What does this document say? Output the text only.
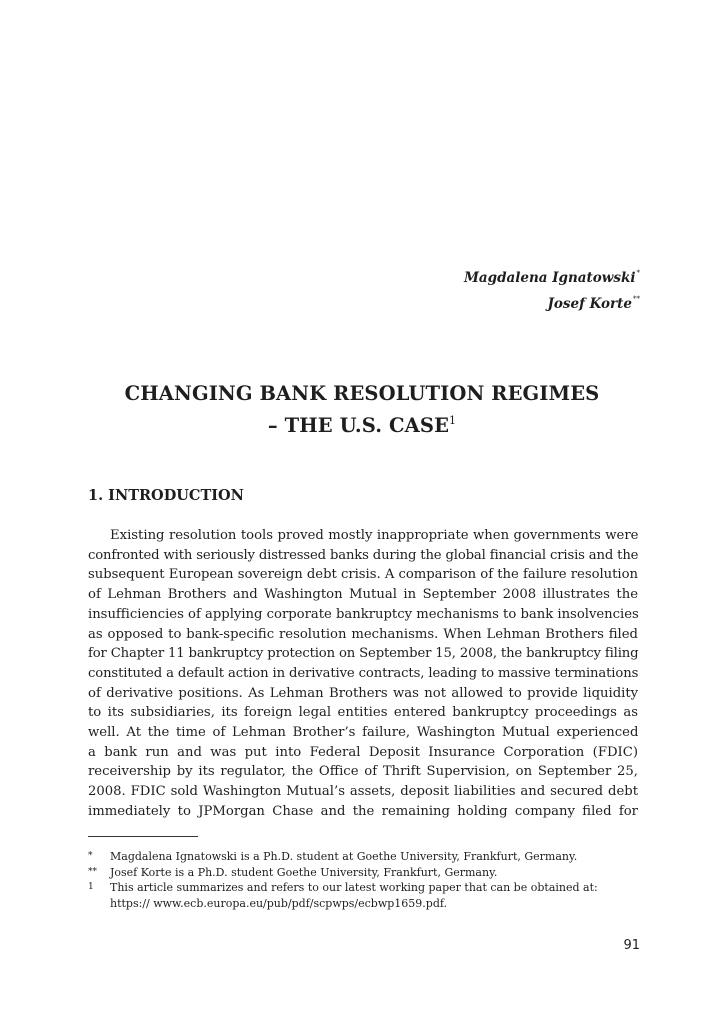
Magdalena Ignatowski*
Josef Korte**
CHANGING BANK RESOLUTION REGIMES
– THE U.S. CASE$^1$
1. INTRODUCTION
Existing resolution tools proved mostly inappropriate when governments were
confronted with seriously distressed banks during the global financial crisis and the
subsequent European sovereign debt crisis. A comparison of the failure resolution
of Lehman Brothers and Washington Mutual in September 2008 illustrates the
insufficiencies of applying corporate bankruptcy mechanisms to bank insolvencies
as opposed to bank-specific resolution mechanisms. When Lehman Brothers filed
for Chapter 11 bankruptcy protection on September 15, 2008, the bankruptcy filing
constituted a default action in derivative contracts, leading to massive terminations
of derivative positions. As Lehman Brothers was not allowed to provide liquidity
to its subsidiaries, its foreign legal entities entered bankruptcy proceedings as
well. At the time of Lehman Brother’s failure, Washington Mutual experienced
a bank run and was put into Federal Deposit Insurance Corporation (FDIC)
receivership by its regulator, the Office of Thrift Supervision, on September 25,
2008. FDIC sold Washington Mutual’s assets, deposit liabilities and secured debt
immediately to JPMorgan Chase and the remaining holding company filed for
*	Magdalena Ignatowski is a Ph.D. student at Goethe University, Frankfurt, Germany.
**	Josef Korte is a Ph.D. student Goethe University, Frankfurt, Germany.
1	This article summarizes and refers to our latest working paper that can be obtained at: https:// www.ecb.europa.eu/pub/pdf/scpwps/ecbwp1659.pdf.
91
